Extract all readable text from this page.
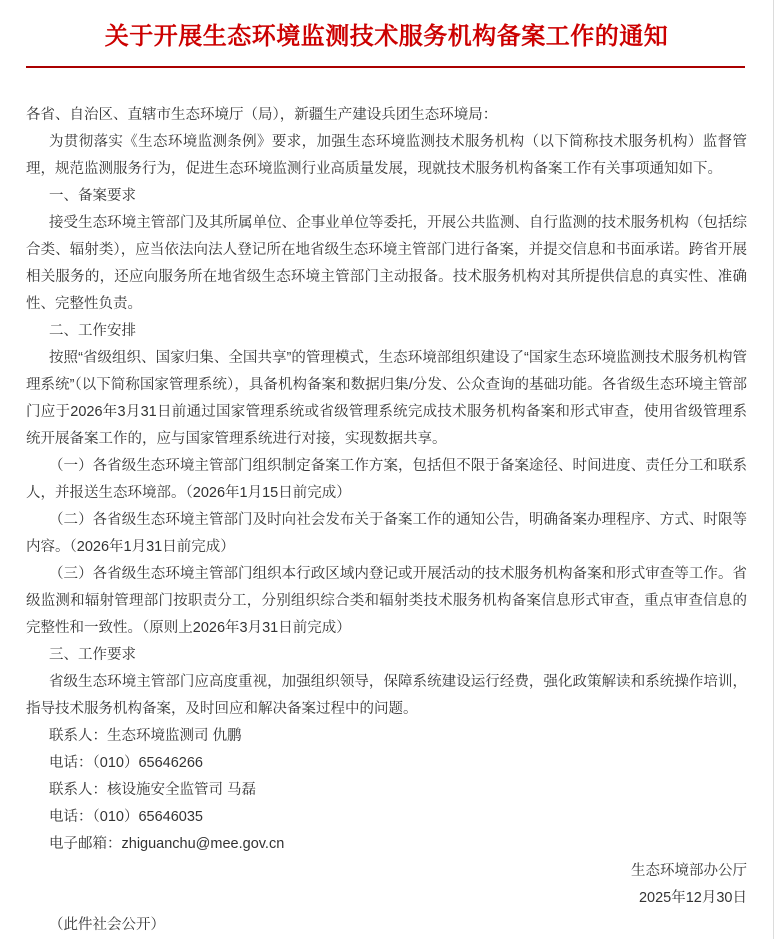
关于开展生态环境监测技术服务机构备案工作的通知

各省、自治区、直辖市生态环境厅（局），新疆生产建设兵团生态环境局：

为贯彻落实《生态环境监测条例》要求，加强生态环境监测技术服务机构（以下简称技术服务机构）监督管理，规范监测服务行为，促进生态环境监测行业高质量发展，现就技术服务机构备案工作有关事项通知如下。

一、备案要求

接受生态环境主管部门及其所属单位、企事业单位等委托，开展公共监测、自行监测的技术服务机构（包括综合类、辐射类），应当依法向法人登记所在地省级生态环境主管部门进行备案，并提交信息和书面承诺。跨省开展相关服务的，还应向服务所在地省级生态环境主管部门主动报备。技术服务机构对其所提供信息的真实性、准确性、完整性负责。

二、工作安排

按照“省级组织、国家归集、全国共享”的管理模式，生态环境部组织建设了“国家生态环境监测技术服务机构管理系统”（以下简称国家管理系统），具备机构备案和数据归集/分发、公众查询的基础功能。各省级生态环境主管部门应于2026年3月31日前通过国家管理系统或省级管理系统完成技术服务机构备案和形式审查，使用省级管理系统开展备案工作的，应与国家管理系统进行对接，实现数据共享。

（一）各省级生态环境主管部门组织制定备案工作方案，包括但不限于备案途径、时间进度、责任分工和联系人，并报送生态环境部。（2026年1月15日前完成）

（二）各省级生态环境主管部门及时向社会发布关于备案工作的通知公告，明确备案办理程序、方式、时限等内容。（2026年1月31日前完成）

（三）各省级生态环境主管部门组织本行政区域内登记或开展活动的技术服务机构备案和形式审查等工作。省级监测和辐射管理部门按职责分工，分别组织综合类和辐射类技术服务机构备案信息形式审查，重点审查信息的完整性和一致性。（原则上2026年3月31日前完成）

三、工作要求

省级生态环境主管部门应高度重视，加强组织领导，保障系统建设运行经费，强化政策解读和系统操作培训，指导技术服务机构备案，及时回应和解决备案过程中的问题。

联系人：生态环境监测司 仇鹏

电话：（010）65646266

联系人：核设施安全监管司 马磊

电话：（010）65646035

电子邮箱：zhiguanchu@mee.gov.cn

生态环境部办公厅

2025年12月30日

（此件社会公开）
